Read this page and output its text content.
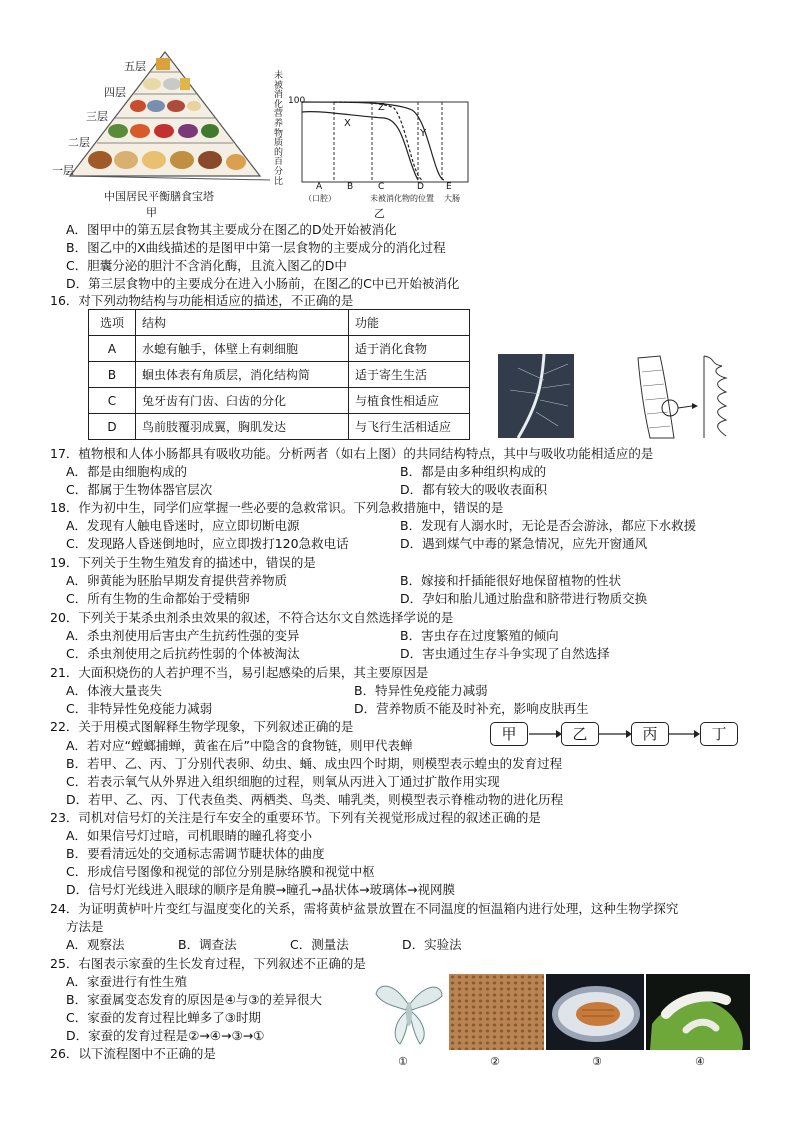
五层
四层
三层
二层
一层
中国居民平衡膳食宝塔
甲
未
被
消
化
营
养
物
质
的
百
分
比
100
X
Y
Z
A	B	C	D E
（口腔）	未被消化物的位置 大肠
乙
A．图甲中的第五层食物其主要成分在图乙的D处开始被消化
B．图乙中的X曲线描述的是图甲中第一层食物的主要成分的消化过程
C．胆囊分泌的胆汁不含消化酶，且流入图乙的D中
D．第三层食物中的主要成分在进入小肠前，在图乙的C中已开始被消化
16．对下列动物结构与功能相适应的描述，不正确的是
选项	结构	功能
A	水螅有触手，体壁上有刺细胞	适于消化食物
B	蛔虫体表有角质层，消化结构简	适于寄生生活
C	兔牙齿有门齿、臼齿的分化	与植食性相适应
D	鸟前肢覆羽成翼，胸肌发达	与飞行生活相适应
17．植物根和人体小肠都具有吸收功能。分析两者（如右上图）的共同结构特点，其中与吸收功能相适应的是
A．都是由细胞构成的	B．都是由多种组织构成的
C．都属于生物体器官层次	D．都有较大的吸收表面积
18．作为初中生，同学们应掌握一些必要的急救常识。下列急救措施中，错误的是
A．发现有人触电昏迷时，应立即切断电源	B．发现有人溺水时，无论是否会游泳，都应下水救援
C．发现路人昏迷倒地时，应立即拨打120急救电话	D．遇到煤气中毒的紧急情况，应先开窗通风
19．下列关于生物生殖发育的描述中，错误的是
A．卵黄能为胚胎早期发育提供营养物质	B．嫁接和扦插能很好地保留植物的性状
C．所有生物的生命都始于受精卵	D．孕妇和胎儿通过胎盘和脐带进行物质交换
20．下列关于某杀虫剂杀虫效果的叙述，不符合达尔文自然选择学说的是
A．杀虫剂使用后害虫产生抗药性强的变异	B．害虫存在过度繁殖的倾向
C．杀虫剂使用之后抗药性弱的个体被淘汰	D．害虫通过生存斗争实现了自然选择
21．大面积烧伤的人若护理不当，易引起感染的后果，其主要原因是
A．体液大量丧失	B．特异性免疫能力减弱
C．非特异性免疫能力减弱	D．营养物质不能及时补充，影响皮肤再生
22．关于用模式图解释生物学现象，下列叙述正确的是	甲	乙	丙	丁
A．若对应“螳螂捕蝉，黄雀在后”中隐含的食物链，则甲代表蝉
B．若甲、乙、丙、丁分别代表卵、幼虫、蛹、成虫四个时期，则模型表示蝗虫的发育过程
C．若表示氧气从外界进入组织细胞的过程，则氧从丙进入丁通过扩散作用实现
D．若甲、乙、丙、丁代表鱼类、两栖类、鸟类、哺乳类，则模型表示脊椎动物的进化历程
23．司机对信号灯的关注是行车安全的重要环节。下列有关视觉形成过程的叙述正确的是
A．如果信号灯过暗，司机眼睛的瞳孔将变小
B．要看清远处的交通标志需调节睫状体的曲度
C．形成信号图像和视觉的部位分别是脉络膜和视觉中枢
D．信号灯光线进入眼球的顺序是角膜→瞳孔→晶状体→玻璃体→视网膜
24．为证明黄栌叶片变红与温度变化的关系，需将黄栌盆景放置在不同温度的恒温箱内进行处理，这种生物学探究
方法是
A．观察法	B．调查法	C．测量法	D．实验法
25．右图表示家蚕的生长发育过程，下列叙述不正确的是
A．家蚕进行有性生殖
B．家蚕属变态发育的原因是④与③的差异很大
C．家蚕的发育过程比蝉多了③时期
D．家蚕的发育过程是②→④→③→①
①	②	③	④
26．以下流程图中不正确的是
